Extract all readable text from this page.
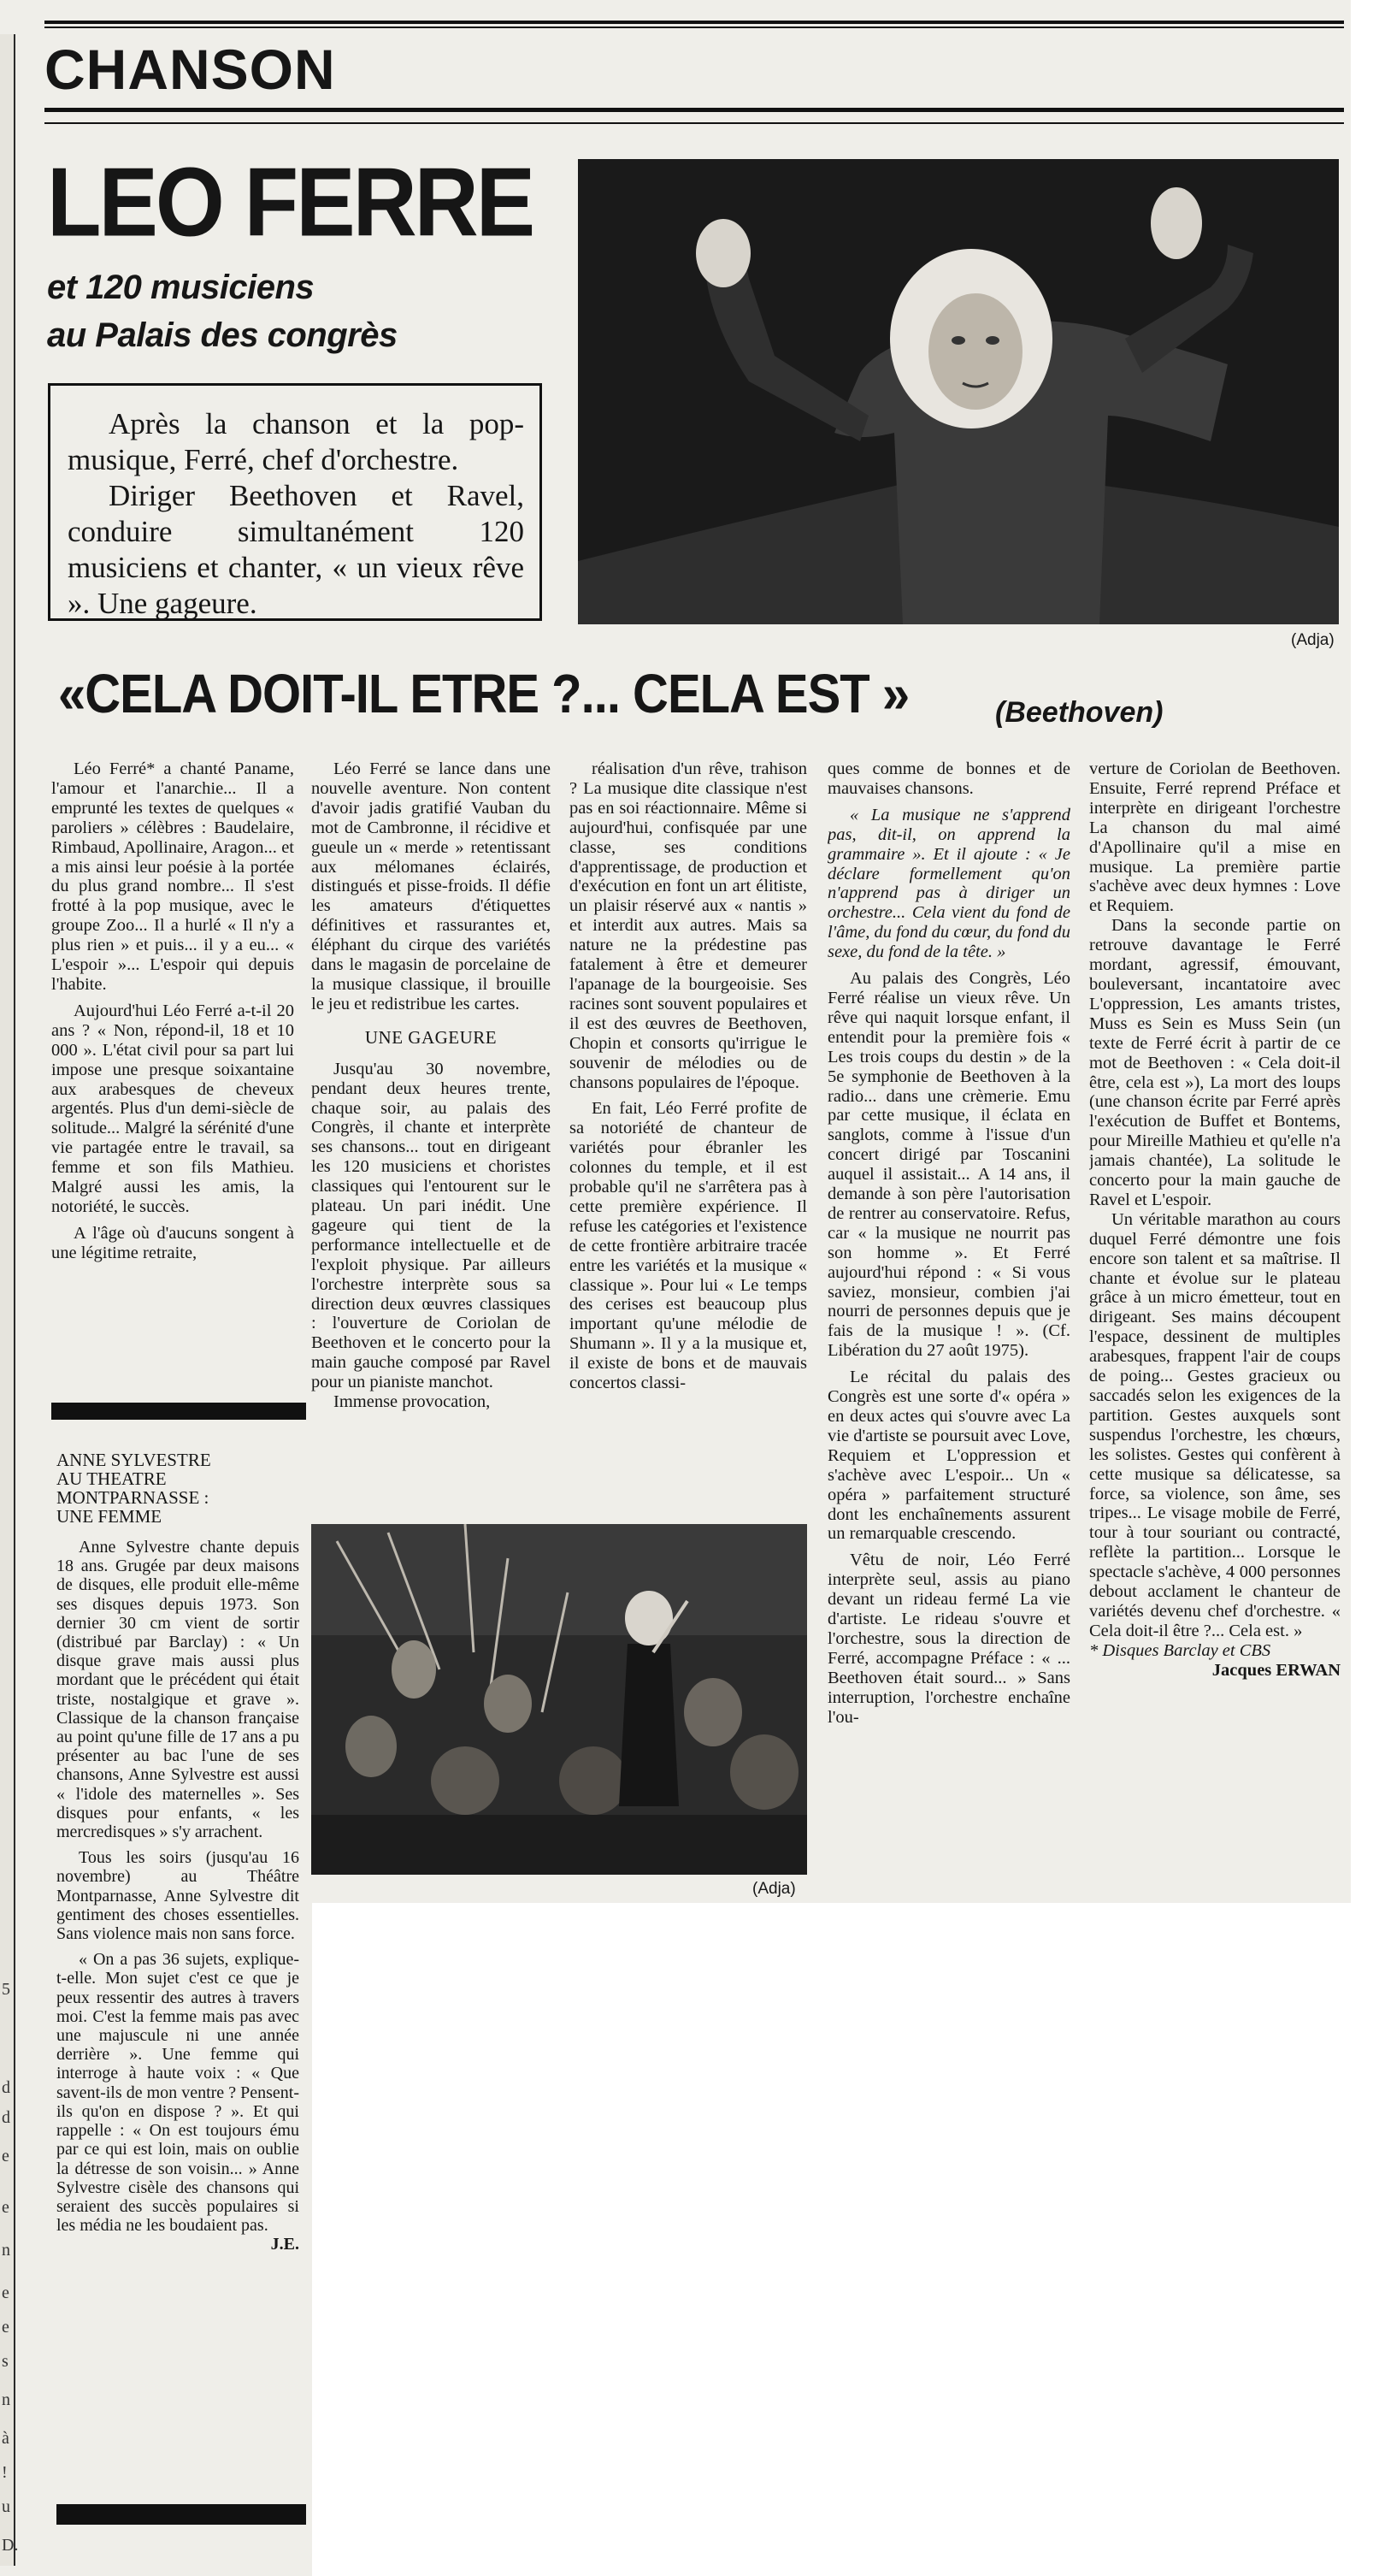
5
d
d
e
e
n
e
e
s
n
à
!
u
D.
CHANSON
LEO FERRE
et 120 musiciens
au Palais des congrès

Après la chanson et la pop-musique, Ferré, chef d'orchestre.

Diriger Beethoven et Ravel, conduire simultanément 120 musiciens et chanter, « un vieux rêve ». Une gageure.

(Adja)
«CELA DOIT-IL ETRE ?... CELA EST »	(Beethoven)

Léo Ferré* a chanté Paname, l'amour et l'anarchie... Il a emprunté les textes de quelques « paroliers » célèbres : Baudelaire, Rimbaud, Apollinaire, Aragon... et a mis ainsi leur poésie à la portée du plus grand nombre... Il s'est frotté à la pop musique, avec le groupe Zoo... Il a hurlé « Il n'y a plus rien » et puis... il y a eu... « L'espoir »... L'espoir qui depuis l'habite.

Aujourd'hui Léo Ferré a-t-il 20 ans ? « Non, répond-il, 18 et 10 000 ». L'état civil pour sa part lui impose une presque soixantaine aux arabesques de cheveux argentés. Plus d'un demi-siècle de solitude... Malgré la sérénité d'une vie partagée entre le travail, sa femme et son fils Mathieu. Malgré aussi les amis, la notoriété, le succès.

A l'âge où d'aucuns songent à une légitime retraite,

ANNE SYLVESTRE
AU THEATRE
MONTPARNASSE :
UNE FEMME

Anne Sylvestre chante depuis 18 ans. Grugée par deux maisons de disques, elle produit elle-même ses disques depuis 1973. Son dernier 30 cm vient de sortir (distribué par Barclay) : « Un disque grave mais aussi plus mordant que le précédent qui était triste, nostalgique et grave ». Classique de la chanson française au point qu'une fille de 17 ans a pu présenter au bac l'une de ses chansons, Anne Sylvestre est aussi « l'idole des maternelles ». Ses disques pour enfants, « les mercredisques » s'y arrachent.

Tous les soirs (jusqu'au 16 novembre) au Théâtre Montparnasse, Anne Sylvestre dit gentiment des choses essentielles. Sans violence mais non sans force.

« On a pas 36 sujets, explique-t-elle. Mon sujet c'est ce que je peux ressentir des autres à travers moi. C'est la femme mais pas avec une majuscule ni une année derrière ». Une femme qui interroge à haute voix : « Que savent-ils de mon ventre ? Pensent-ils qu'on en dispose ? ». Et qui rappelle : « On est toujours ému par ce qui est loin, mais on oublie la détresse de son voisin... » Anne Sylvestre cisèle des chansons qui seraient des succès populaires si les média ne les boudaient pas.

J.E.

Léo Ferré se lance dans une nouvelle aventure. Non content d'avoir jadis gratifié Vauban du mot de Cambronne, il récidive et gueule un « merde » retentissant aux mélomanes éclairés, distingués et pisse-froids. Il défie les amateurs d'étiquettes définitives et rassurantes et, éléphant du cirque des variétés dans le magasin de porcelaine de la musique classique, il brouille le jeu et redistribue les cartes.

UNE GAGEURE

Jusqu'au 30 novembre, pendant deux heures trente, chaque soir, au palais des Congrès, il chante et interprète ses chansons... tout en dirigeant les 120 musiciens et choristes classiques qui l'entourent sur le plateau. Un pari inédit. Une gageure qui tient de la performance intellectuelle et de l'exploit physique. Par ailleurs l'orchestre interprète sous sa direction deux œuvres classiques : l'ouverture de Coriolan de Beethoven et le concerto pour la main gauche composé par Ravel pour un pianiste manchot.

Immense provocation,

réalisation d'un rêve, trahison ? La musique dite classique n'est pas en soi réactionnaire. Même si aujourd'hui, confisquée par une classe, ses conditions d'apprentissage, de production et d'exécution en font un art élitiste, un plaisir réservé aux « nantis » et interdit aux autres. Mais sa nature ne la prédestine pas fatalement à être et demeurer l'apanage de la bourgeoisie. Ses racines sont souvent populaires et il est des œuvres de Beethoven, Chopin et consorts qu'irrigue le souvenir de mélodies ou de chansons populaires de l'époque.

En fait, Léo Ferré profite de sa notoriété de chanteur de variétés pour ébranler les colonnes du temple, et il est probable qu'il ne s'arrêtera pas à cette première expérience. Il refuse les catégories et l'existence de cette frontière arbitraire tracée entre les variétés et la musique « classique ». Pour lui « Le temps des cerises est beaucoup plus important qu'une mélodie de Shumann ». Il y a la musique et, il existe de bons et de mauvais concertos classi-

(Adja)

ques comme de bonnes et de mauvaises chansons.

« La musique ne s'apprend pas, dit-il, on apprend la grammaire ». Et il ajoute : « Je déclare formellement qu'on n'apprend pas à diriger un orchestre... Cela vient du fond de l'âme, du fond du cœur, du fond du sexe, du fond de la tête. »

Au palais des Congrès, Léo Ferré réalise un vieux rêve. Un rêve qui naquit lorsque enfant, il entendit pour la première fois « Les trois coups du destin » de la 5e symphonie de Beethoven à la radio... dans une crèmerie. Emu par cette musique, il éclata en sanglots, comme à l'issue d'un concert dirigé par Toscanini auquel il assistait... A 14 ans, il demande à son père l'autorisation de rentrer au conservatoire. Refus, car « la musique ne nourrit pas son homme ». Et Ferré aujourd'hui répond : « Si vous saviez, monsieur, combien j'ai nourri de personnes depuis que je fais de la musique ! ». (Cf. Libération du 27 août 1975).

Le récital du palais des Congrès est une sorte d'« opéra » en deux actes qui s'ouvre avec La vie d'artiste se poursuit avec Love, Requiem et L'oppression et s'achève avec L'espoir... Un « opéra » parfaitement structuré dont les enchaînements assurent un remarquable crescendo.

Vêtu de noir, Léo Ferré interprète seul, assis au piano devant un rideau fermé La vie d'artiste. Le rideau s'ouvre et l'orchestre, sous la direction de Ferré, accompagne Préface : « ... Beethoven était sourd... » Sans interruption, l'orchestre enchaîne l'ou-

verture de Coriolan de Beethoven. Ensuite, Ferré reprend Préface et interprète en dirigeant l'orchestre La chanson du mal aimé d'Apollinaire qu'il a mise en musique. La première partie s'achève avec deux hymnes : Love et Requiem.

Dans la seconde partie on retrouve davantage le Ferré mordant, agressif, émouvant, bouleversant, incantatoire avec L'oppression, Les amants tristes, Muss es Sein es Muss Sein (un texte de Ferré écrit à partir de ce mot de Beethoven : « Cela doit-il être, cela est »), La mort des loups (une chanson écrite par Ferré après l'exécution de Buffet et Bontems, pour Mireille Mathieu et qu'elle n'a jamais chantée), La solitude le concerto pour la main gauche de Ravel et L'espoir.

Un véritable marathon au cours duquel Ferré démontre une fois encore son talent et sa maîtrise. Il chante et évolue sur le plateau grâce à un micro émetteur, tout en dirigeant. Ses mains découpent l'espace, dessinent de multiples arabesques, frappent l'air de coups de poing... Gestes gracieux ou saccadés selon les exigences de la partition. Gestes auxquels sont suspendus l'orchestre, les chœurs, les solistes. Gestes qui confèrent à cette musique sa délicatesse, sa force, sa violence, son âme, ses tripes... Le visage mobile de Ferré, tour à tour souriant ou contracté, reflète la partition... Lorsque le spectacle s'achève, 4 000 personnes debout acclament le chanteur de variétés devenu chef d'orchestre. « Cela doit-il être ?... Cela est. »

* Disques Barclay et CBS

Jacques ERWAN
